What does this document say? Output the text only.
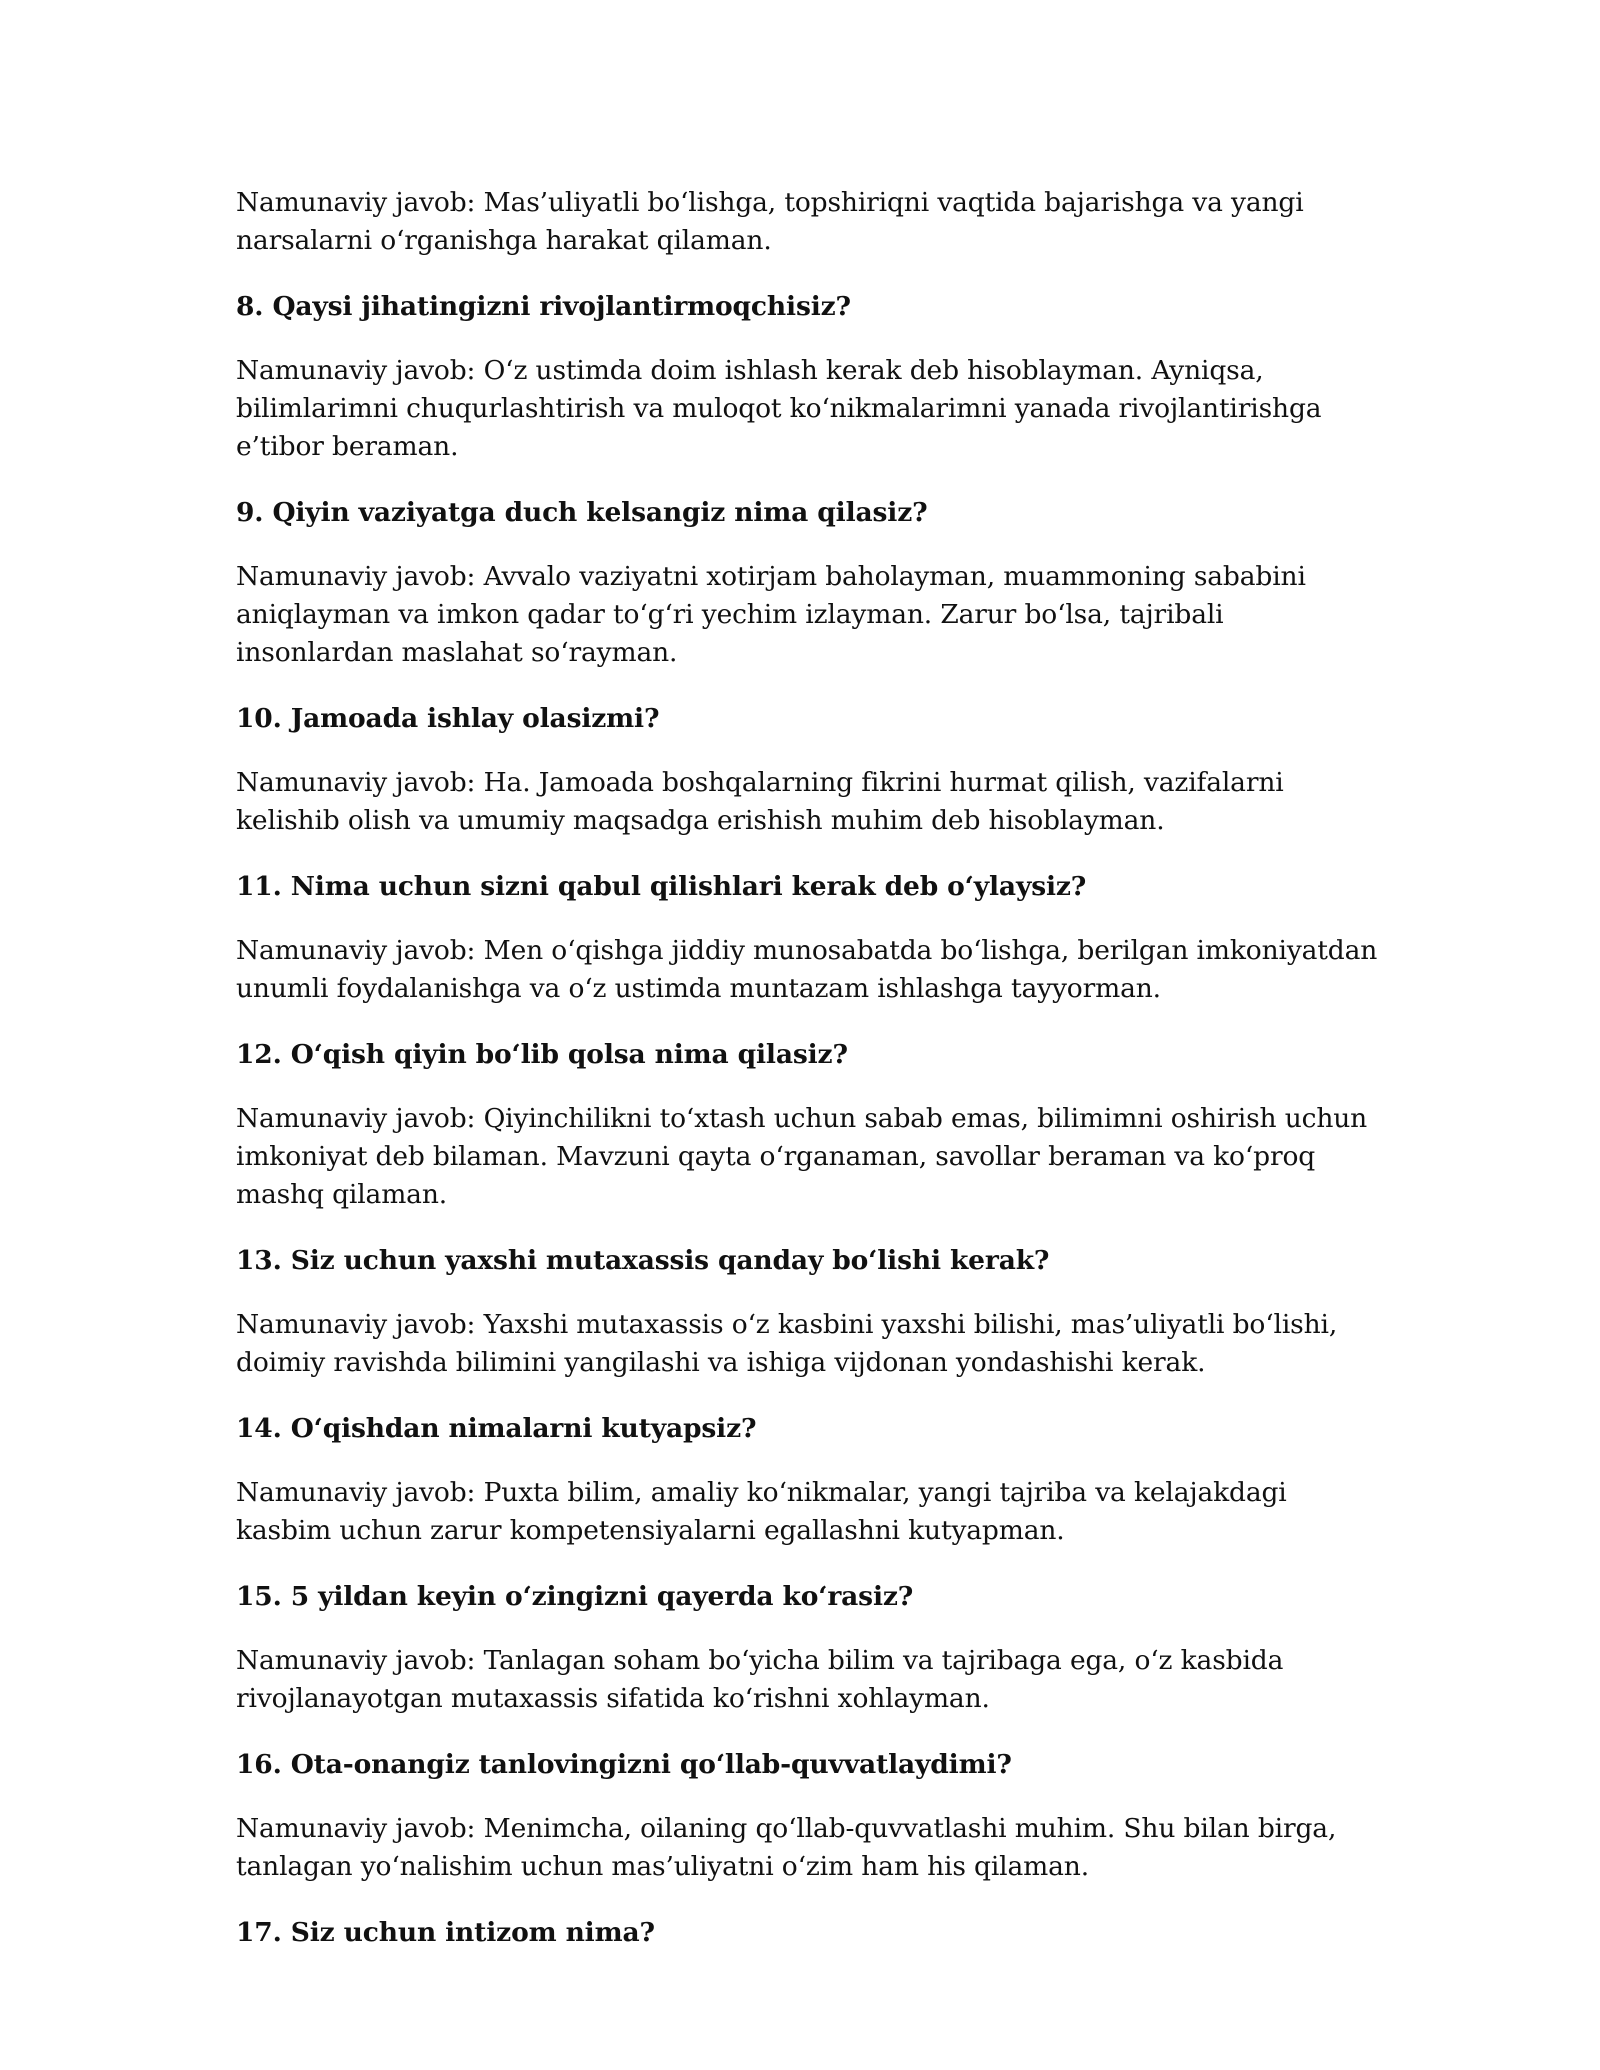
Namunaviy javob: Mas’uliyatli bo‘lishga, topshiriqni vaqtida bajarishga va yangi narsalarni o‘rganishga harakat qilaman.

8. Qaysi jihatingizni rivojlantirmoqchisiz?

Namunaviy javob: O‘z ustimda doim ishlash kerak deb hisoblayman. Ayniqsa, bilimlarimni chuqurlashtirish va muloqot ko‘nikmalarimni yanada rivojlantirishga e’tibor beraman.

9. Qiyin vaziyatga duch kelsangiz nima qilasiz?

Namunaviy javob: Avvalo vaziyatni xotirjam baholayman, muammoning sababini aniqlayman va imkon qadar to‘g‘ri yechim izlayman. Zarur bo‘lsa, tajribali insonlardan maslahat so‘rayman.

10. Jamoada ishlay olasizmi?

Namunaviy javob: Ha. Jamoada boshqalarning fikrini hurmat qilish, vazifalarni kelishib olish va umumiy maqsadga erishish muhim deb hisoblayman.

11. Nima uchun sizni qabul qilishlari kerak deb o‘ylaysiz?

Namunaviy javob: Men o‘qishga jiddiy munosabatda bo‘lishga, berilgan imkoniyatdan unumli foydalanishga va o‘z ustimda muntazam ishlashga tayyorman.

12. O‘qish qiyin bo‘lib qolsa nima qilasiz?

Namunaviy javob: Qiyinchilikni to‘xtash uchun sabab emas, bilimimni oshirish uchun imkoniyat deb bilaman. Mavzuni qayta o‘rganaman, savollar beraman va ko‘proq mashq qilaman.

13. Siz uchun yaxshi mutaxassis qanday bo‘lishi kerak?

Namunaviy javob: Yaxshi mutaxassis o‘z kasbini yaxshi bilishi, mas’uliyatli bo‘lishi, doimiy ravishda bilimini yangilashi va ishiga vijdonan yondashishi kerak.

14. O‘qishdan nimalarni kutyapsiz?

Namunaviy javob: Puxta bilim, amaliy ko‘nikmalar, yangi tajriba va kelajakdagi kasbim uchun zarur kompetensiyalarni egallashni kutyapman.

15. 5 yildan keyin o‘zingizni qayerda ko‘rasiz?

Namunaviy javob: Tanlagan soham bo‘yicha bilim va tajribaga ega, o‘z kasbida rivojlanayotgan mutaxassis sifatida ko‘rishni xohlayman.

16. Ota-onangiz tanlovingizni qo‘llab-quvvatlaydimi?

Namunaviy javob: Menimcha, oilaning qo‘llab-quvvatlashi muhim. Shu bilan birga, tanlagan yo‘nalishim uchun mas’uliyatni o‘zim ham his qilaman.

17. Siz uchun intizom nima?
